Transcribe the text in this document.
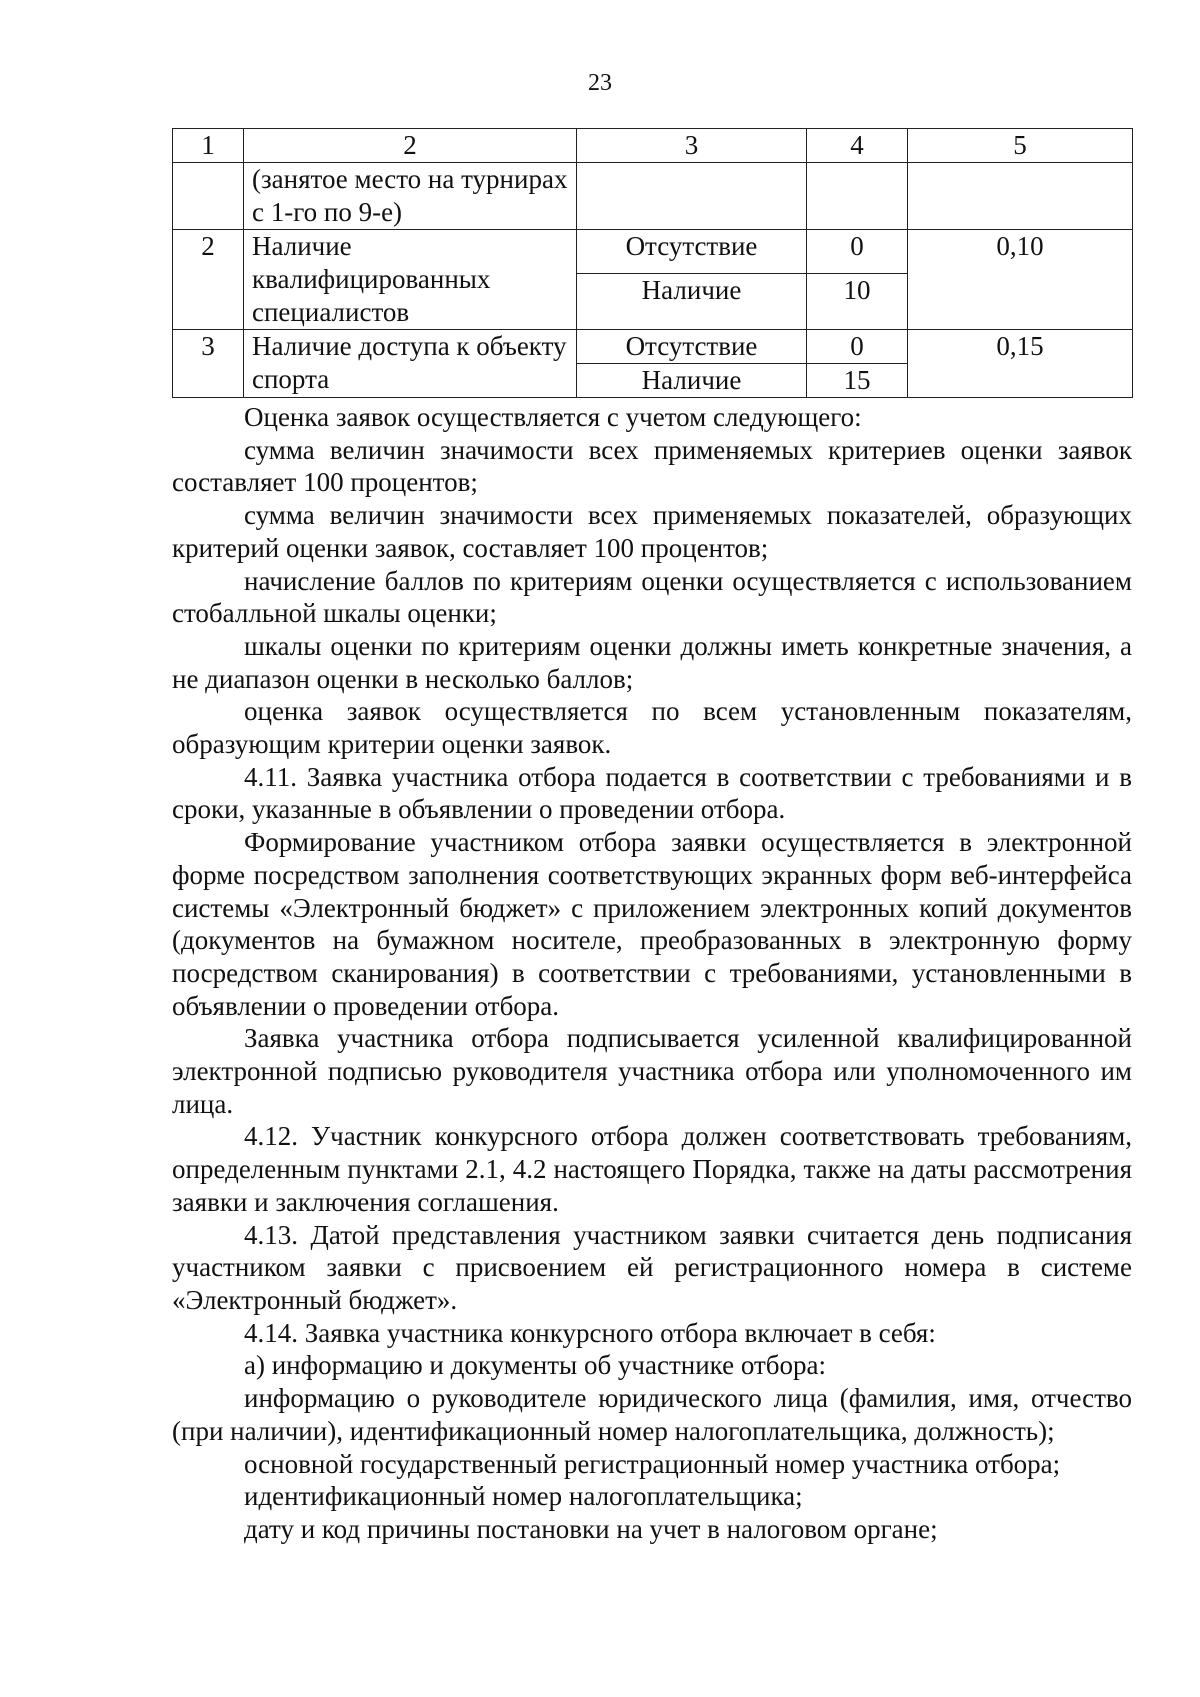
23
1	2	3	4	5
	(занятое место на турнирах с 1-го по 9-е)			
2	Наличие квалифицированных специалистов	Отсутствие	0	0,10
		Наличие	10	
3	Наличие доступа к объекту спорта	Отсутствие	0	0,15
		Наличие	15	

Оценка заявок осуществляется с учетом следующего:

сумма величин значимости всех применяемых критериев оценки заявок составляет 100 процентов;

сумма величин значимости всех применяемых показателей, образующих критерий оценки заявок, составляет 100 процентов;

начисление баллов по критериям оценки осуществляется с использованием стобалльной шкалы оценки;

шкалы оценки по критериям оценки должны иметь конкретные значения, а не диапазон оценки в несколько баллов;

оценка заявок осуществляется по всем установленным показателям, образующим критерии оценки заявок.

4.11. Заявка участника отбора подается в соответствии с требованиями и в сроки, указанные в объявлении о проведении отбора.

Формирование участником отбора заявки осуществляется в электронной форме посредством заполнения соответствующих экранных форм веб-интерфейса системы «Электронный бюджет» с приложением электронных копий документов (документов на бумажном носителе, преобразованных в электронную форму посредством сканирования) в соответствии с требованиями, установленными в объявлении о проведении отбора.

Заявка участника отбора подписывается усиленной квалифицированной электронной подписью руководителя участника отбора или уполномоченного им лица.

4.12. Участник конкурсного отбора должен соответствовать требованиям, определенным пунктами 2.1, 4.2 настоящего Порядка, также на даты рассмотрения заявки и заключения соглашения.

4.13. Датой представления участником заявки считается день подписания участником заявки с присвоением ей регистрационного номера в системе «Электронный бюджет».

4.14. Заявка участника конкурсного отбора включает в себя:

а) информацию и документы об участнике отбора:

информацию о руководителе юридического лица (фамилия, имя, отчество (при наличии), идентификационный номер налогоплательщика, должность);

основной государственный регистрационный номер участника отбора;

идентификационный номер налогоплательщика;

дату и код причины постановки на учет в налоговом органе;
